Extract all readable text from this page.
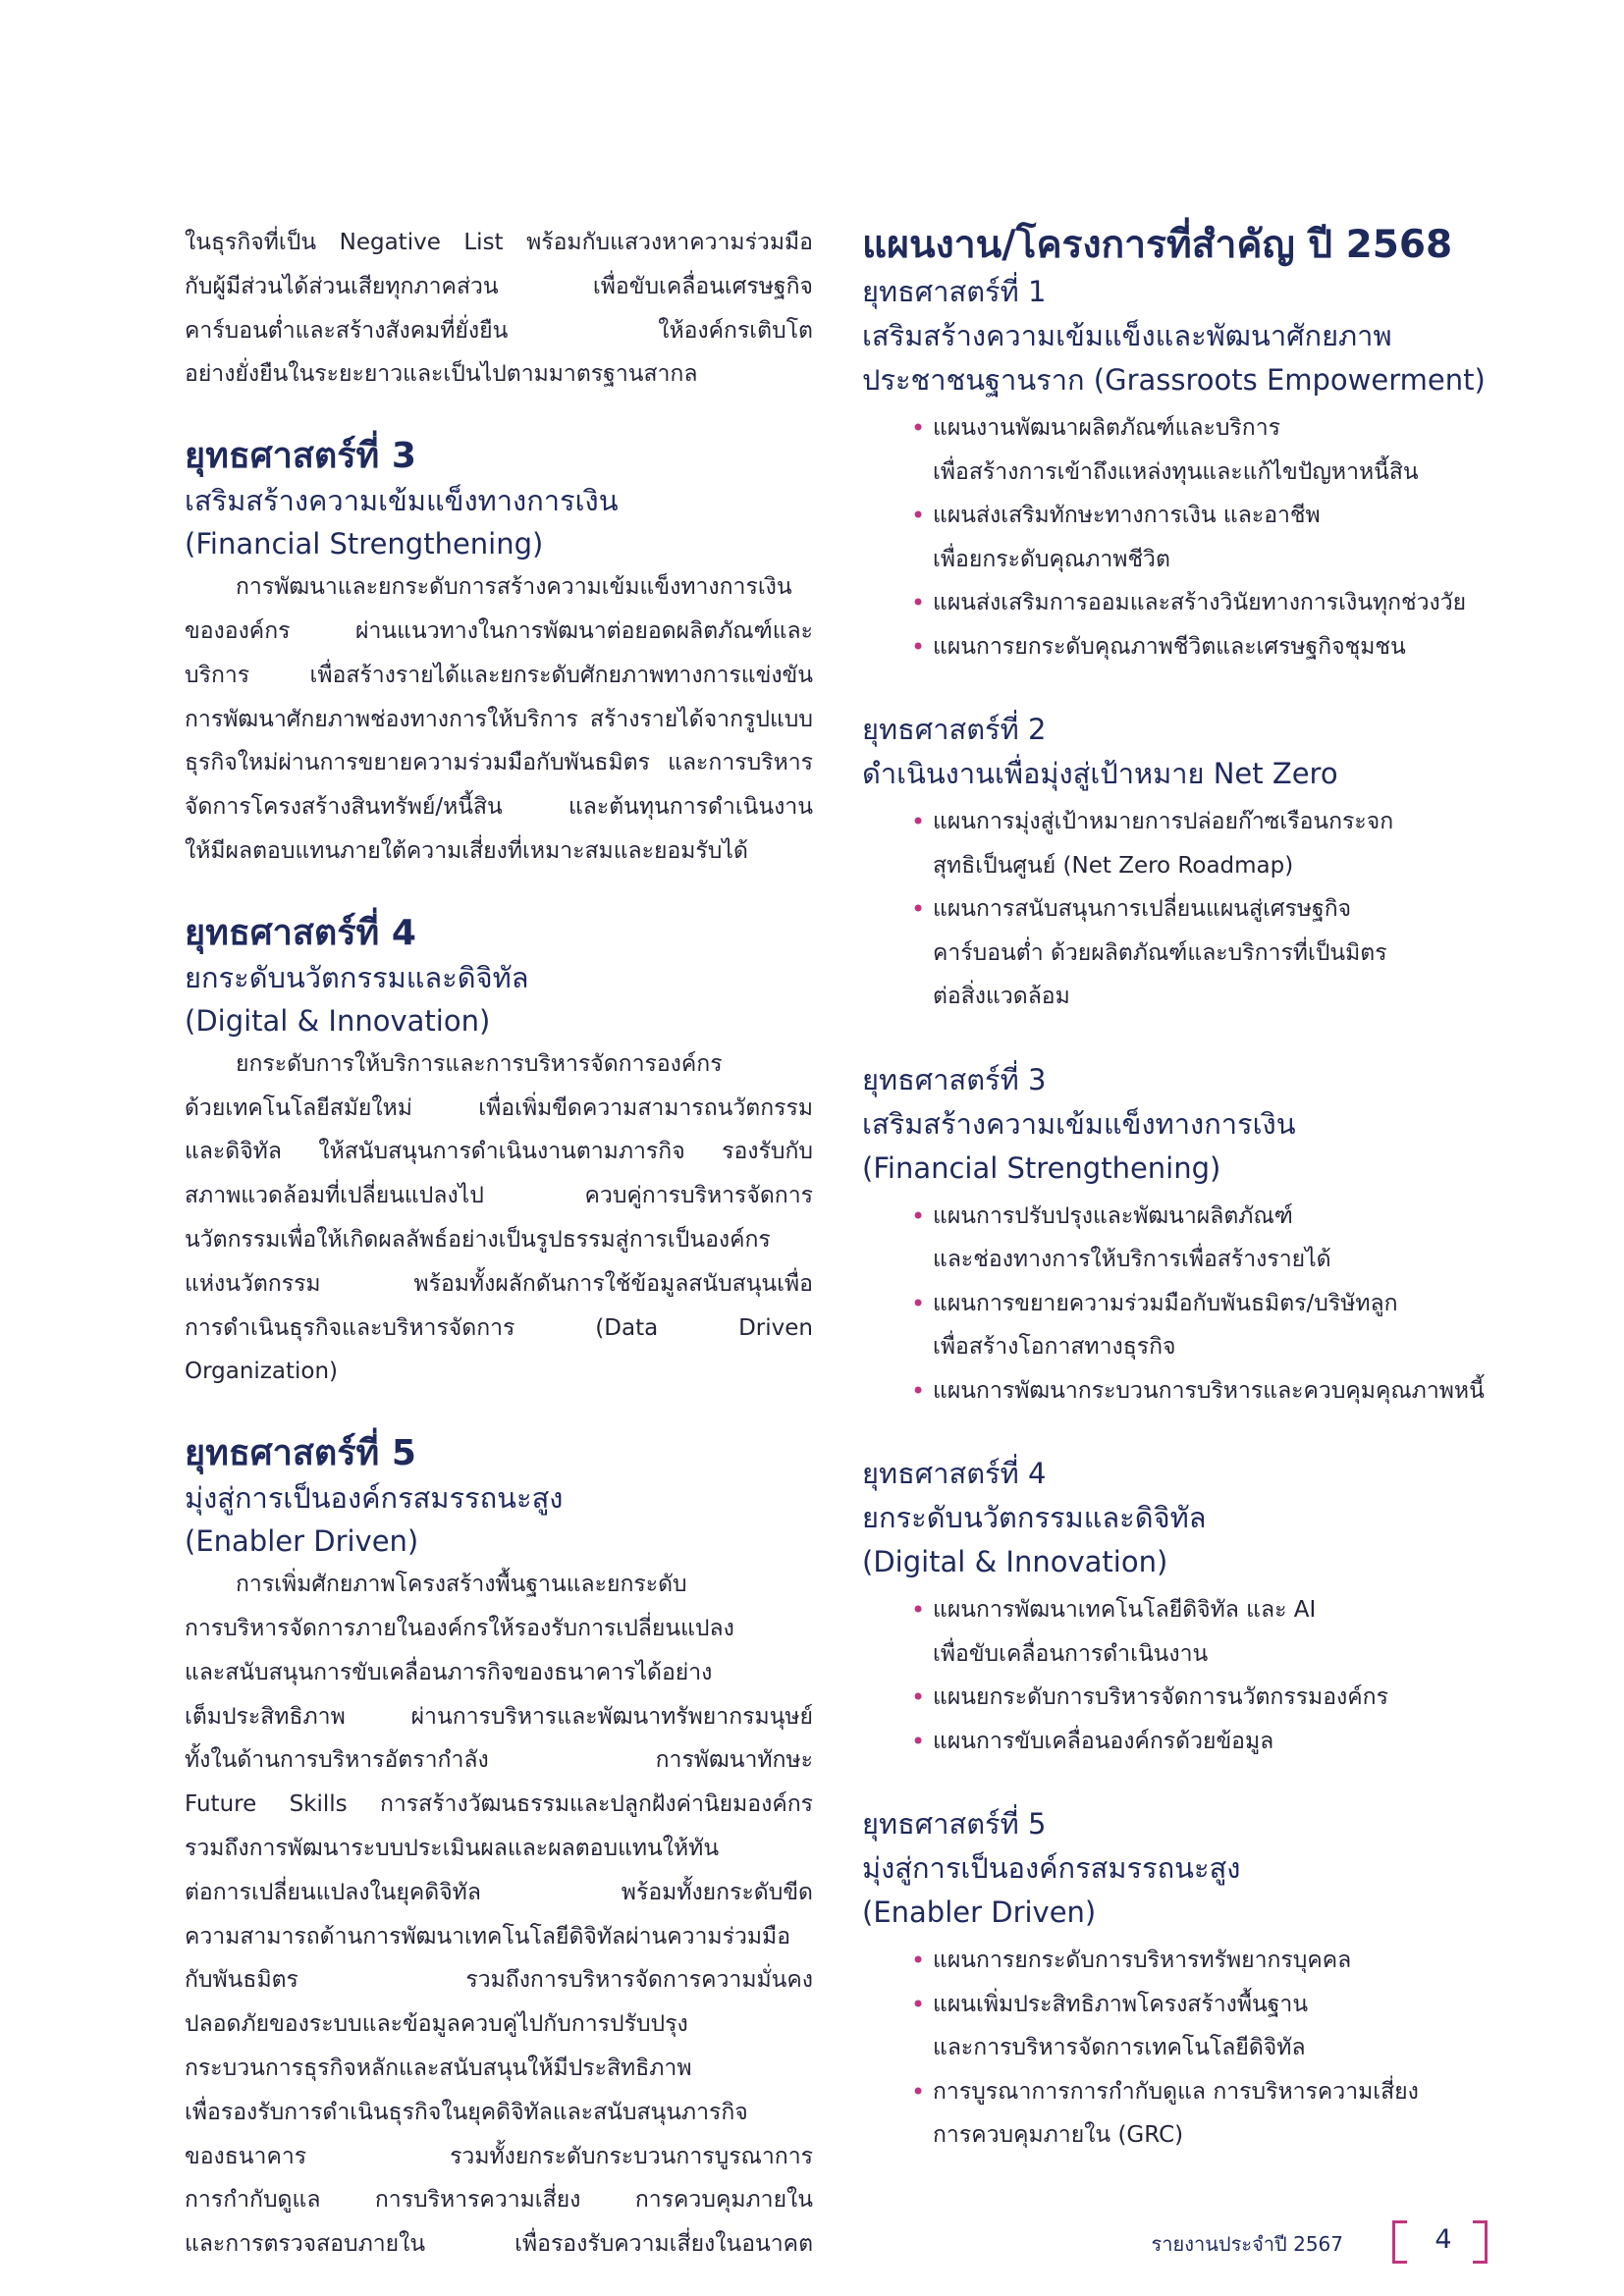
ในธุรกิจที่เป็น Negative List พร้อมกับแสวงหาความร่วมมือ
กับผู้มีส่วนได้ส่วนเสียทุกภาคส่วน เพื่อขับเคลื่อนเศรษฐกิจ
คาร์บอนต่ำและสร้างสังคมที่ยั่งยืน ให้องค์กรเติบโต
อย่างยั่งยืนในระยะยาวและเป็นไปตามมาตรฐานสากล

ยุทธศาสตร์ที่ 3

เสริมสร้างความเข้มแข็งทางการเงิน

(Financial Strengthening)

การพัฒนาและยกระดับการสร้างความเข้มแข็งทางการเงิน
ขององค์กร ผ่านแนวทางในการพัฒนาต่อยอดผลิตภัณฑ์และ
บริการ เพื่อสร้างรายได้และยกระดับศักยภาพทางการแข่งขัน
การพัฒนาศักยภาพช่องทางการให้บริการ สร้างรายได้จากรูปแบบ
ธุรกิจใหม่ผ่านการขยายความร่วมมือกับพันธมิตร และการบริหาร
จัดการโครงสร้างสินทรัพย์/หนี้สิน และต้นทุนการดำเนินงาน
ให้มีผลตอบแทนภายใต้ความเสี่ยงที่เหมาะสมและยอมรับได้

ยุทธศาสตร์ที่ 4

ยกระดับนวัตกรรมและดิจิทัล

(Digital & Innovation)

ยกระดับการให้บริการและการบริหารจัดการองค์กร
ด้วยเทคโนโลยีสมัยใหม่ เพื่อเพิ่มขีดความสามารถนวัตกรรม
และดิจิทัล ให้สนับสนุนการดำเนินงานตามภารกิจ รองรับกับ
สภาพแวดล้อมที่เปลี่ยนแปลงไป ควบคู่การบริหารจัดการ
นวัตกรรมเพื่อให้เกิดผลลัพธ์อย่างเป็นรูปธรรมสู่การเป็นองค์กร
แห่งนวัตกรรม พร้อมทั้งผลักดันการใช้ข้อมูลสนับสนุนเพื่อ
การดำเนินธุรกิจและบริหารจัดการ (Data Driven Organization)

ยุทธศาสตร์ที่ 5

มุ่งสู่การเป็นองค์กรสมรรถนะสูง

(Enabler Driven)

การเพิ่มศักยภาพโครงสร้างพื้นฐานและยกระดับ
การบริหารจัดการภายในองค์กรให้รองรับการเปลี่ยนแปลง
และสนับสนุนการขับเคลื่อนภารกิจของธนาคารได้อย่าง
เต็มประสิทธิภาพ ผ่านการบริหารและพัฒนาทรัพยากรมนุษย์
ทั้งในด้านการบริหารอัตรากำลัง การพัฒนาทักษะ
Future Skills การสร้างวัฒนธรรมและปลูกฝังค่านิยมองค์กร
รวมถึงการพัฒนาระบบประเมินผลและผลตอบแทนให้ทัน
ต่อการเปลี่ยนแปลงในยุคดิจิทัล พร้อมทั้งยกระดับขีด
ความสามารถด้านการพัฒนาเทคโนโลยีดิจิทัลผ่านความร่วมมือ
กับพันธมิตร รวมถึงการบริหารจัดการความมั่นคง
ปลอดภัยของระบบและข้อมูลควบคู่ไปกับการปรับปรุง
กระบวนการธุรกิจหลักและสนับสนุนให้มีประสิทธิภาพ
เพื่อรองรับการดำเนินธุรกิจในยุคดิจิทัลและสนับสนุนภารกิจ
ของธนาคาร รวมทั้งยกระดับกระบวนการบูรณาการ
การกำกับดูแล การบริหารความเสี่ยง การควบคุมภายใน
และการตรวจสอบภายใน เพื่อรองรับความเสี่ยงในอนาคต

แผนงาน/โครงการที่สำคัญ ปี 2568

ยุทธศาสตร์ที่ 1

เสริมสร้างความเข้มแข็งและพัฒนาศักยภาพ

ประชาชนฐานราก (Grassroots Empowerment)

• แผนงานพัฒนาผลิตภัณฑ์และบริการ
เพื่อสร้างการเข้าถึงแหล่งทุนและแก้ไขปัญหาหนี้สิน
• แผนส่งเสริมทักษะทางการเงิน และอาชีพ
เพื่อยกระดับคุณภาพชีวิต
• แผนส่งเสริมการออมและสร้างวินัยทางการเงินทุกช่วงวัย
• แผนการยกระดับคุณภาพชีวิตและเศรษฐกิจชุมชน

ยุทธศาสตร์ที่ 2

ดำเนินงานเพื่อมุ่งสู่เป้าหมาย Net Zero

• แผนการมุ่งสู่เป้าหมายการปล่อยก๊าซเรือนกระจก
สุทธิเป็นศูนย์ (Net Zero Roadmap)
• แผนการสนับสนุนการเปลี่ยนแผนสู่เศรษฐกิจ
คาร์บอนต่ำ ด้วยผลิตภัณฑ์และบริการที่เป็นมิตร
ต่อสิ่งแวดล้อม

ยุทธศาสตร์ที่ 3

เสริมสร้างความเข้มแข็งทางการเงิน

(Financial Strengthening)

• แผนการปรับปรุงและพัฒนาผลิตภัณฑ์
และช่องทางการให้บริการเพื่อสร้างรายได้
• แผนการขยายความร่วมมือกับพันธมิตร/บริษัทลูก
เพื่อสร้างโอกาสทางธุรกิจ
• แผนการพัฒนากระบวนการบริหารและควบคุมคุณภาพหนี้

ยุทธศาสตร์ที่ 4

ยกระดับนวัตกรรมและดิจิทัล

(Digital & Innovation)

• แผนการพัฒนาเทคโนโลยีดิจิทัล และ AI
เพื่อขับเคลื่อนการดำเนินงาน
• แผนยกระดับการบริหารจัดการนวัตกรรมองค์กร
• แผนการขับเคลื่อนองค์กรด้วยข้อมูล

ยุทธศาสตร์ที่ 5

มุ่งสู่การเป็นองค์กรสมรรถนะสูง

(Enabler Driven)

• แผนการยกระดับการบริหารทรัพยากรบุคคล
• แผนเพิ่มประสิทธิภาพโครงสร้างพื้นฐาน
และการบริหารจัดการเทคโนโลยีดิจิทัล
• การบูรณาการการกำกับดูแล การบริหารความเสี่ยง
การควบคุมภายใน (GRC)
รายงานประจำปี 2567	4
